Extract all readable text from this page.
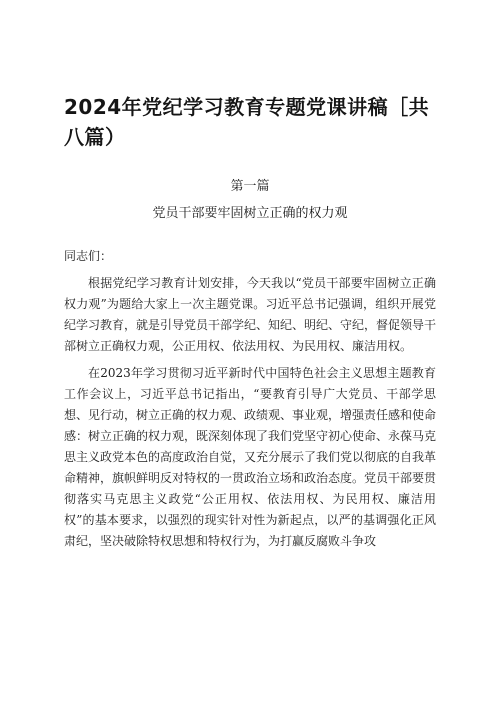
2024年党纪学习教育专题党课讲稿［共八篇）
第一篇
党员干部要牢固树立正确的权力观

同志们：

根据党纪学习教育计划安排，今天我以“党员干部要牢固树立正确权力观”为题给大家上一次主题党课。习近平总书记强调，组织开展党纪学习教育，就是引导党员干部学纪、知纪、明纪、守纪，督促领导干部树立正确权力观，公正用权、依法用权、为民用权、廉洁用权。

在2023年学习贯彻习近平新时代中国特色社会主义思想主题教育工作会议上，习近平总书记指出，“要教育引导广大党员、干部学思想、见行动，树立正确的权力观、政绩观、事业观，增强责任感和使命感：树立正确的权力观，既深刻体现了我们党坚守初心使命、永葆马克思主义政党本色的高度政治自觉，又充分展示了我们党以彻底的自我革命精神，旗帜鲜明反对特权的一贯政治立场和政治态度。党员干部要贯彻落实马克思主义政党“公正用权、依法用权、为民用权、廉洁用权”的基本要求，以强烈的现实针对性为新起点，以严的基调强化正风肃纪，坚决破除特权思想和特权行为，为打赢反腐败斗争攻
